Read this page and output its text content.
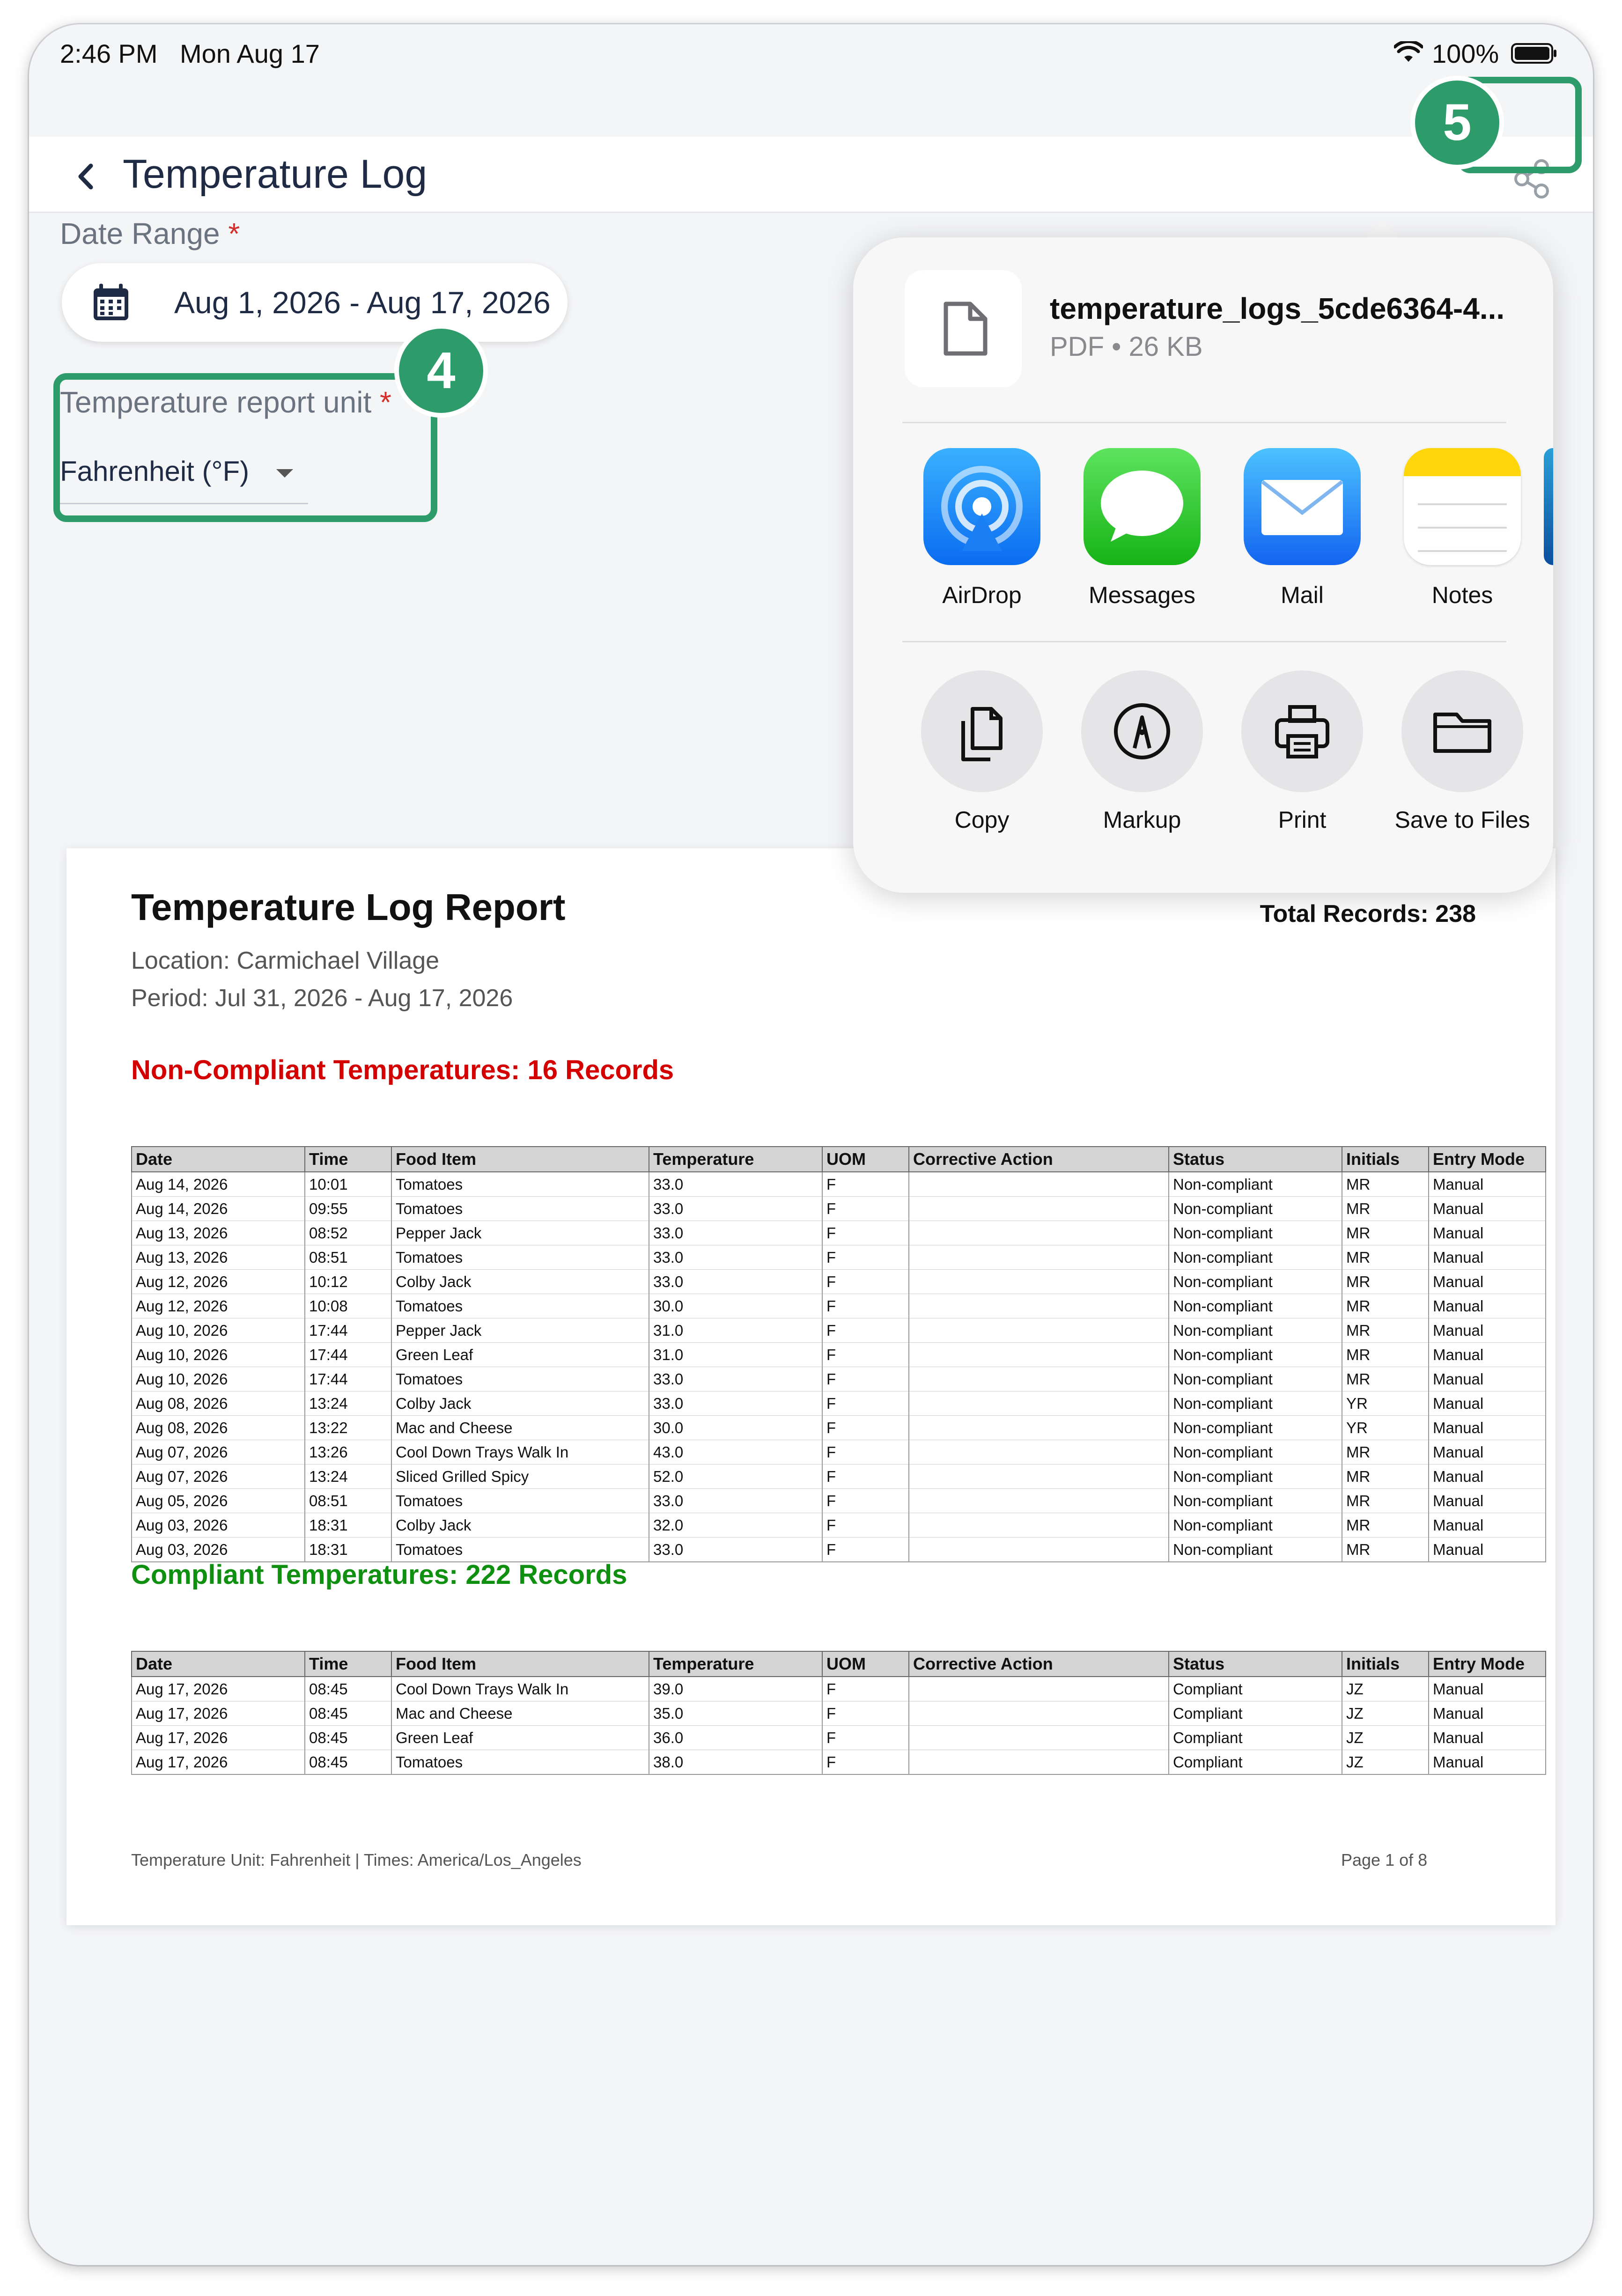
2:46 PM Mon Aug 17	100%
Temperature Log
Date Range *
Aug 1, 2026 - Aug 17, 2026
Temperature report unit *
Fahrenheit (°F)
4
Temperature Log Report	Total Records: 238
Location: Carmichael Village
Period: Jul 31, 2026 - Aug 17, 2026
Non-Compliant Temperatures: 16 Records
Date	Time	Food Item	Temperature	UOM	Corrective Action	Status	Initials	Entry Mode
Aug 14, 2026	10:01	Tomatoes	33.0	F		Non-compliant	MR	Manual
Aug 14, 2026	09:55	Tomatoes	33.0	F		Non-compliant	MR	Manual
Aug 13, 2026	08:52	Pepper Jack	33.0	F		Non-compliant	MR	Manual
Aug 13, 2026	08:51	Tomatoes	33.0	F		Non-compliant	MR	Manual
Aug 12, 2026	10:12	Colby Jack	33.0	F		Non-compliant	MR	Manual
Aug 12, 2026	10:08	Tomatoes	30.0	F		Non-compliant	MR	Manual
Aug 10, 2026	17:44	Pepper Jack	31.0	F		Non-compliant	MR	Manual
Aug 10, 2026	17:44	Green Leaf	31.0	F		Non-compliant	MR	Manual
Aug 10, 2026	17:44	Tomatoes	33.0	F		Non-compliant	MR	Manual
Aug 08, 2026	13:24	Colby Jack	33.0	F		Non-compliant	YR	Manual
Aug 08, 2026	13:22	Mac and Cheese	30.0	F		Non-compliant	YR	Manual
Aug 07, 2026	13:26	Cool Down Trays Walk In	43.0	F		Non-compliant	MR	Manual
Aug 07, 2026	13:24	Sliced Grilled Spicy	52.0	F		Non-compliant	MR	Manual
Aug 05, 2026	08:51	Tomatoes	33.0	F		Non-compliant	MR	Manual
Aug 03, 2026	18:31	Colby Jack	32.0	F		Non-compliant	MR	Manual
Aug 03, 2026	18:31	Tomatoes	33.0	F		Non-compliant	MR	Manual
Compliant Temperatures: 222 Records
Date	Time	Food Item	Temperature	UOM	Corrective Action	Status	Initials	Entry Mode
Aug 17, 2026	08:45	Cool Down Trays Walk In	39.0	F		Compliant	JZ	Manual
Aug 17, 2026	08:45	Mac and Cheese	35.0	F		Compliant	JZ	Manual
Aug 17, 2026	08:45	Green Leaf	36.0	F		Compliant	JZ	Manual
Aug 17, 2026	08:45	Tomatoes	38.0	F		Compliant	JZ	Manual
Temperature Unit: Fahrenheit | Times: America/Los_Angeles	Page 1 of 8
temperature_logs_5cde6364-4...
PDF • 26 KB
AirDrop	Messages	Mail	Notes
Copy	Markup	Print	Save to Files
5
